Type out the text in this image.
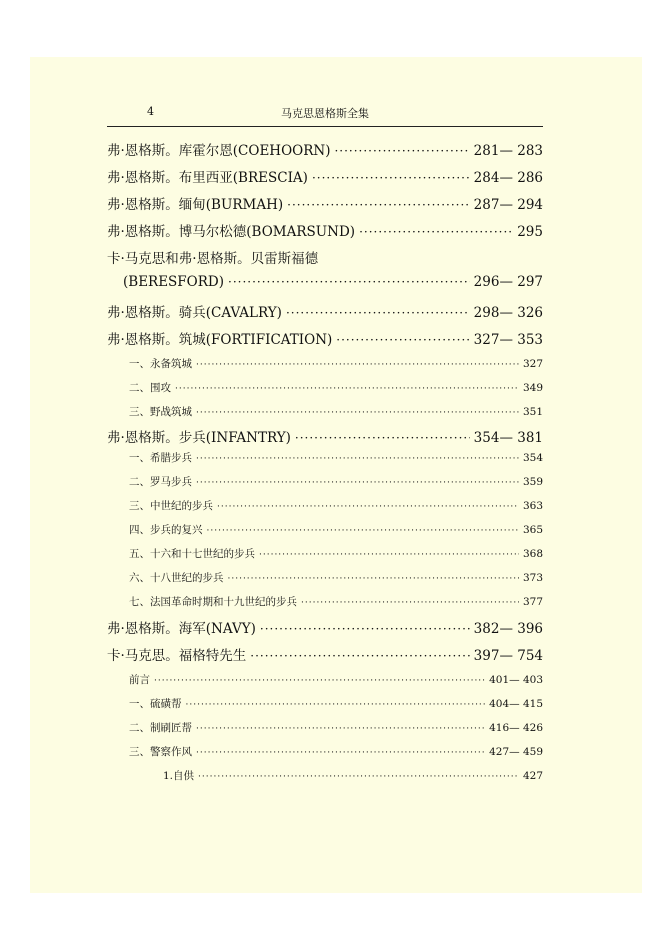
4	马克思恩格斯全集
弗·恩格斯。库霍尔恩(COEHOORN) ·····	281— 283
弗·恩格斯。布里西亚(BRESCIA) ·····	284— 286
弗·恩格斯。缅甸(BURMAH) ·····	287— 294
弗·恩格斯。博马尔松德(BOMARSUND) ·····	295
卡·马克思和弗·恩格斯。贝雷斯福德
(BERESFORD) ·····	296— 297
弗·恩格斯。骑兵(CAVALRY) ·····	298— 326
弗·恩格斯。筑城(FORTIFICATION) ·····	327— 353
一、永备筑城 ·····	327
二、围攻 ·····	349
三、野战筑城 ·····	351
弗·恩格斯。步兵(INFANTRY) ·····	354— 381
一、希腊步兵 ·····	354
二、罗马步兵 ·····	359
三、中世纪的步兵 ·····	363
四、步兵的复兴 ·····	365
五、十六和十七世纪的步兵 ·····	368
六、十八世纪的步兵 ·····	373
七、法国革命时期和十九世纪的步兵 ·····	377
弗·恩格斯。海军(NAVY) ·····	382— 396
卡·马克思。福格特先生 ·····	397— 754
前言 ·····	401— 403
一、硫磺帮 ·····	404— 415
二、制刷匠帮 ·····	416— 426
三、警察作风 ·····	427— 459
1.自供 ·····	427
